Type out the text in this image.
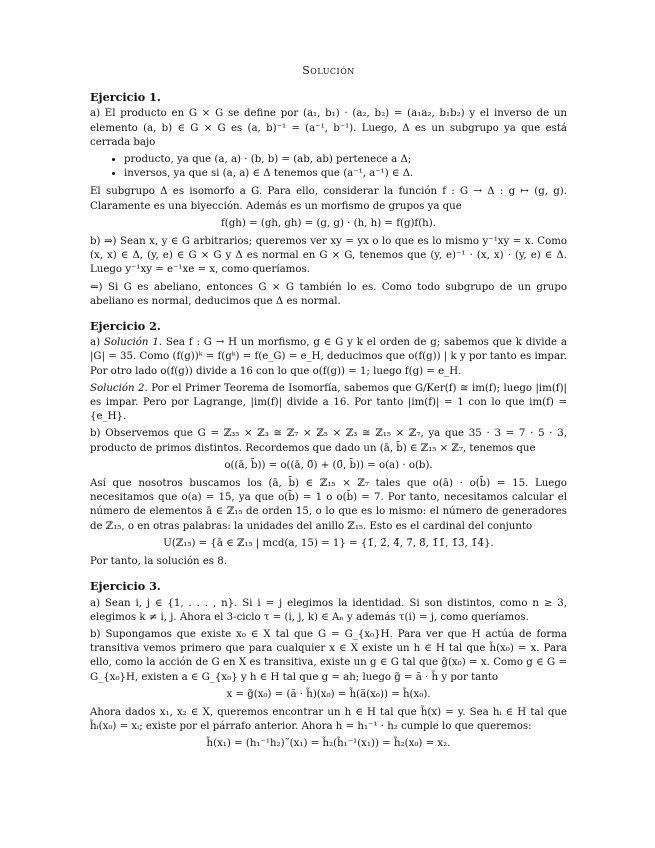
Solución
Ejercicio 1.

a) El producto en G × G se define por (a₁, b₁) · (a₂, b₂) = (a₁a₂, b₁b₂) y el inverso de un elemento (a, b) ∈ G × G es (a, b)⁻¹ = (a⁻¹, b⁻¹). Luego, Δ es un subgrupo ya que está cerrada bajo

• producto, ya que (a, a) · (b, b) = (ab, ab) pertenece a Δ;
• inversos, ya que si (a, a) ∈ Δ tenemos que (a⁻¹, a⁻¹) ∈ Δ.

El subgrupo Δ es isomorfo a G. Para ello, considerar la función f : G → Δ : g ↦ (g, g). Claramente es una biyección. Además es un morfismo de grupos ya que

f(gh) = (gh, gh) = (g, g) · (h, h) = f(g)f(h).

b) ⇒) Sean x, y ∈ G arbitrarios; queremos ver xy = yx o lo que es lo mismo y⁻¹xy = x. Como (x, x) ∈ Δ, (y, e) ∈ G × G y Δ es normal en G × G, tenemos que (y, e)⁻¹ · (x, x) · (y, e) ∈ Δ. Luego y⁻¹xy = e⁻¹xe = x, como queríamos.

⇐) Si G es abeliano, entonces G × G también lo es. Como todo subgrupo de un grupo abeliano es normal, deducimos que Δ es normal.

Ejercicio 2.

a) Solución 1. Sea f : G → H un morfismo, g ∈ G y k el orden de g; sabemos que k divide a |G| = 35. Como (f(g))ᵏ = f(gᵏ) = f(e_G) = e_H, deducimos que o(f(g)) | k y por tanto es impar. Por otro lado o(f(g)) divide a 16 con lo que o(f(g)) = 1; luego f(g) = e_H.

Solución 2. Por el Primer Teorema de Isomorfía, sabemos que G/Ker(f) ≅ im(f); luego |im(f)| es impar. Pero por Lagrange, |im(f)| divide a 16. Por tanto |im(f)| = 1 con lo que im(f) = {e_H}.

b) Observemos que G = ℤ₃₅ × ℤ₃ ≅ ℤ₇ × ℤ₅ × ℤ₃ ≅ ℤ₁₅ × ℤ₇, ya que 35 · 3 = 7 · 5 · 3, producto de primos distintos. Recordemos que dado un (ā, b̄) ∈ ℤ₁₅ × ℤ₇, tenemos que

o((ā, b̄)) = o((ā, 0̄) + (0̄, b̄)) = o(a) · o(b).

Así que nosotros buscamos los (ā, b̄) ∈ ℤ₁₅ × ℤ₇ tales que o(ā) · o(b̄) = 15. Luego necesitamos que o(a) = 15, ya que o(b̄) = 1 o o(b̄) = 7. Por tanto, necesitamos calcular el número de elementos ā ∈ ℤ₁₅ de orden 15, o lo que es lo mismo: el número de generadores de ℤ₁₅, o en otras palabras: la unidades del anillo ℤ₁₅. Esto es el cardinal del conjunto

U(ℤ₁₅) = {ā ∈ ℤ₁₅ | mcd(a, 15) = 1} = {1̄, 2̄, 4̄, 7̄, 8̄, 1̄1̄, 1̄3̄, 1̄4̄}.

Por tanto, la solución es 8.

Ejercicio 3.

a) Sean i, j ∈ {1, . . . , n}. Si i = j elegimos la identidad. Si son distintos, como n ≥ 3, elegimos k ≠ i, j. Ahora el 3-ciclo τ = (i, j, k) ∈ Aₙ y además τ(i) = j, como queríamos.

b) Supongamos que existe x₀ ∈ X tal que G = G_{x₀}H. Para ver que H actúa de forma transitiva vemos primero que para cualquier x ∈ X existe un h ∈ H tal que h̃(x₀) = x. Para ello, como la acción de G en X es transitiva, existe un g ∈ G tal que g̃(x₀) = x. Como g ∈ G = G_{x₀}H, existen a ∈ G_{x₀} y h ∈ H tal que g = ah; luego g̃ = ã · h̃ y por tanto

x = g̃(x₀) = (ã · h̃)(x₀) = h̃(ã(x₀)) = h̃(x₀).

Ahora dados x₁, x₂ ∈ X, queremos encontrar un h ∈ H tal que h̃(x) = y. Sea hᵢ ∈ H tal que h̃ᵢ(x₀) = xᵢ; existe por el párrafo anterior. Ahora h = h₁⁻¹ · h₂ cumple lo que queremos:

h̃(x₁) = (h₁⁻¹h₂)˜(x₁) = h̃₂(h̃₁⁻¹(x₁)) = h̃₂(x₀) = x₂.
